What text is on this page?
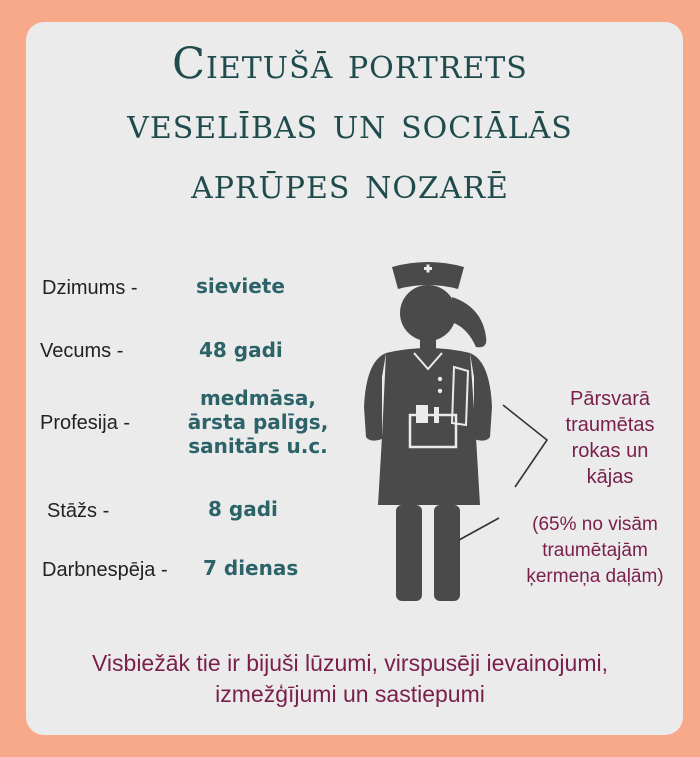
Cietušā portrets
veselības un sociālās
aprūpes nozarē
Dzimums -	sieviete
Vecums -	48 gadi
Profesija -
medmāsa,
ārsta palīgs,
sanitārs u.c.
Stāžs -	8 gadi
Darbnespēja - 7 dienas
Pārsvarā
traumētas
rokas un
kājas
(65% no visām
traumētajām
ķermeņa daļām)
Visbiežāk tie ir bijuši lūzumi, virspusēji ievainojumi,
izmežģījumi un sastiepumi
